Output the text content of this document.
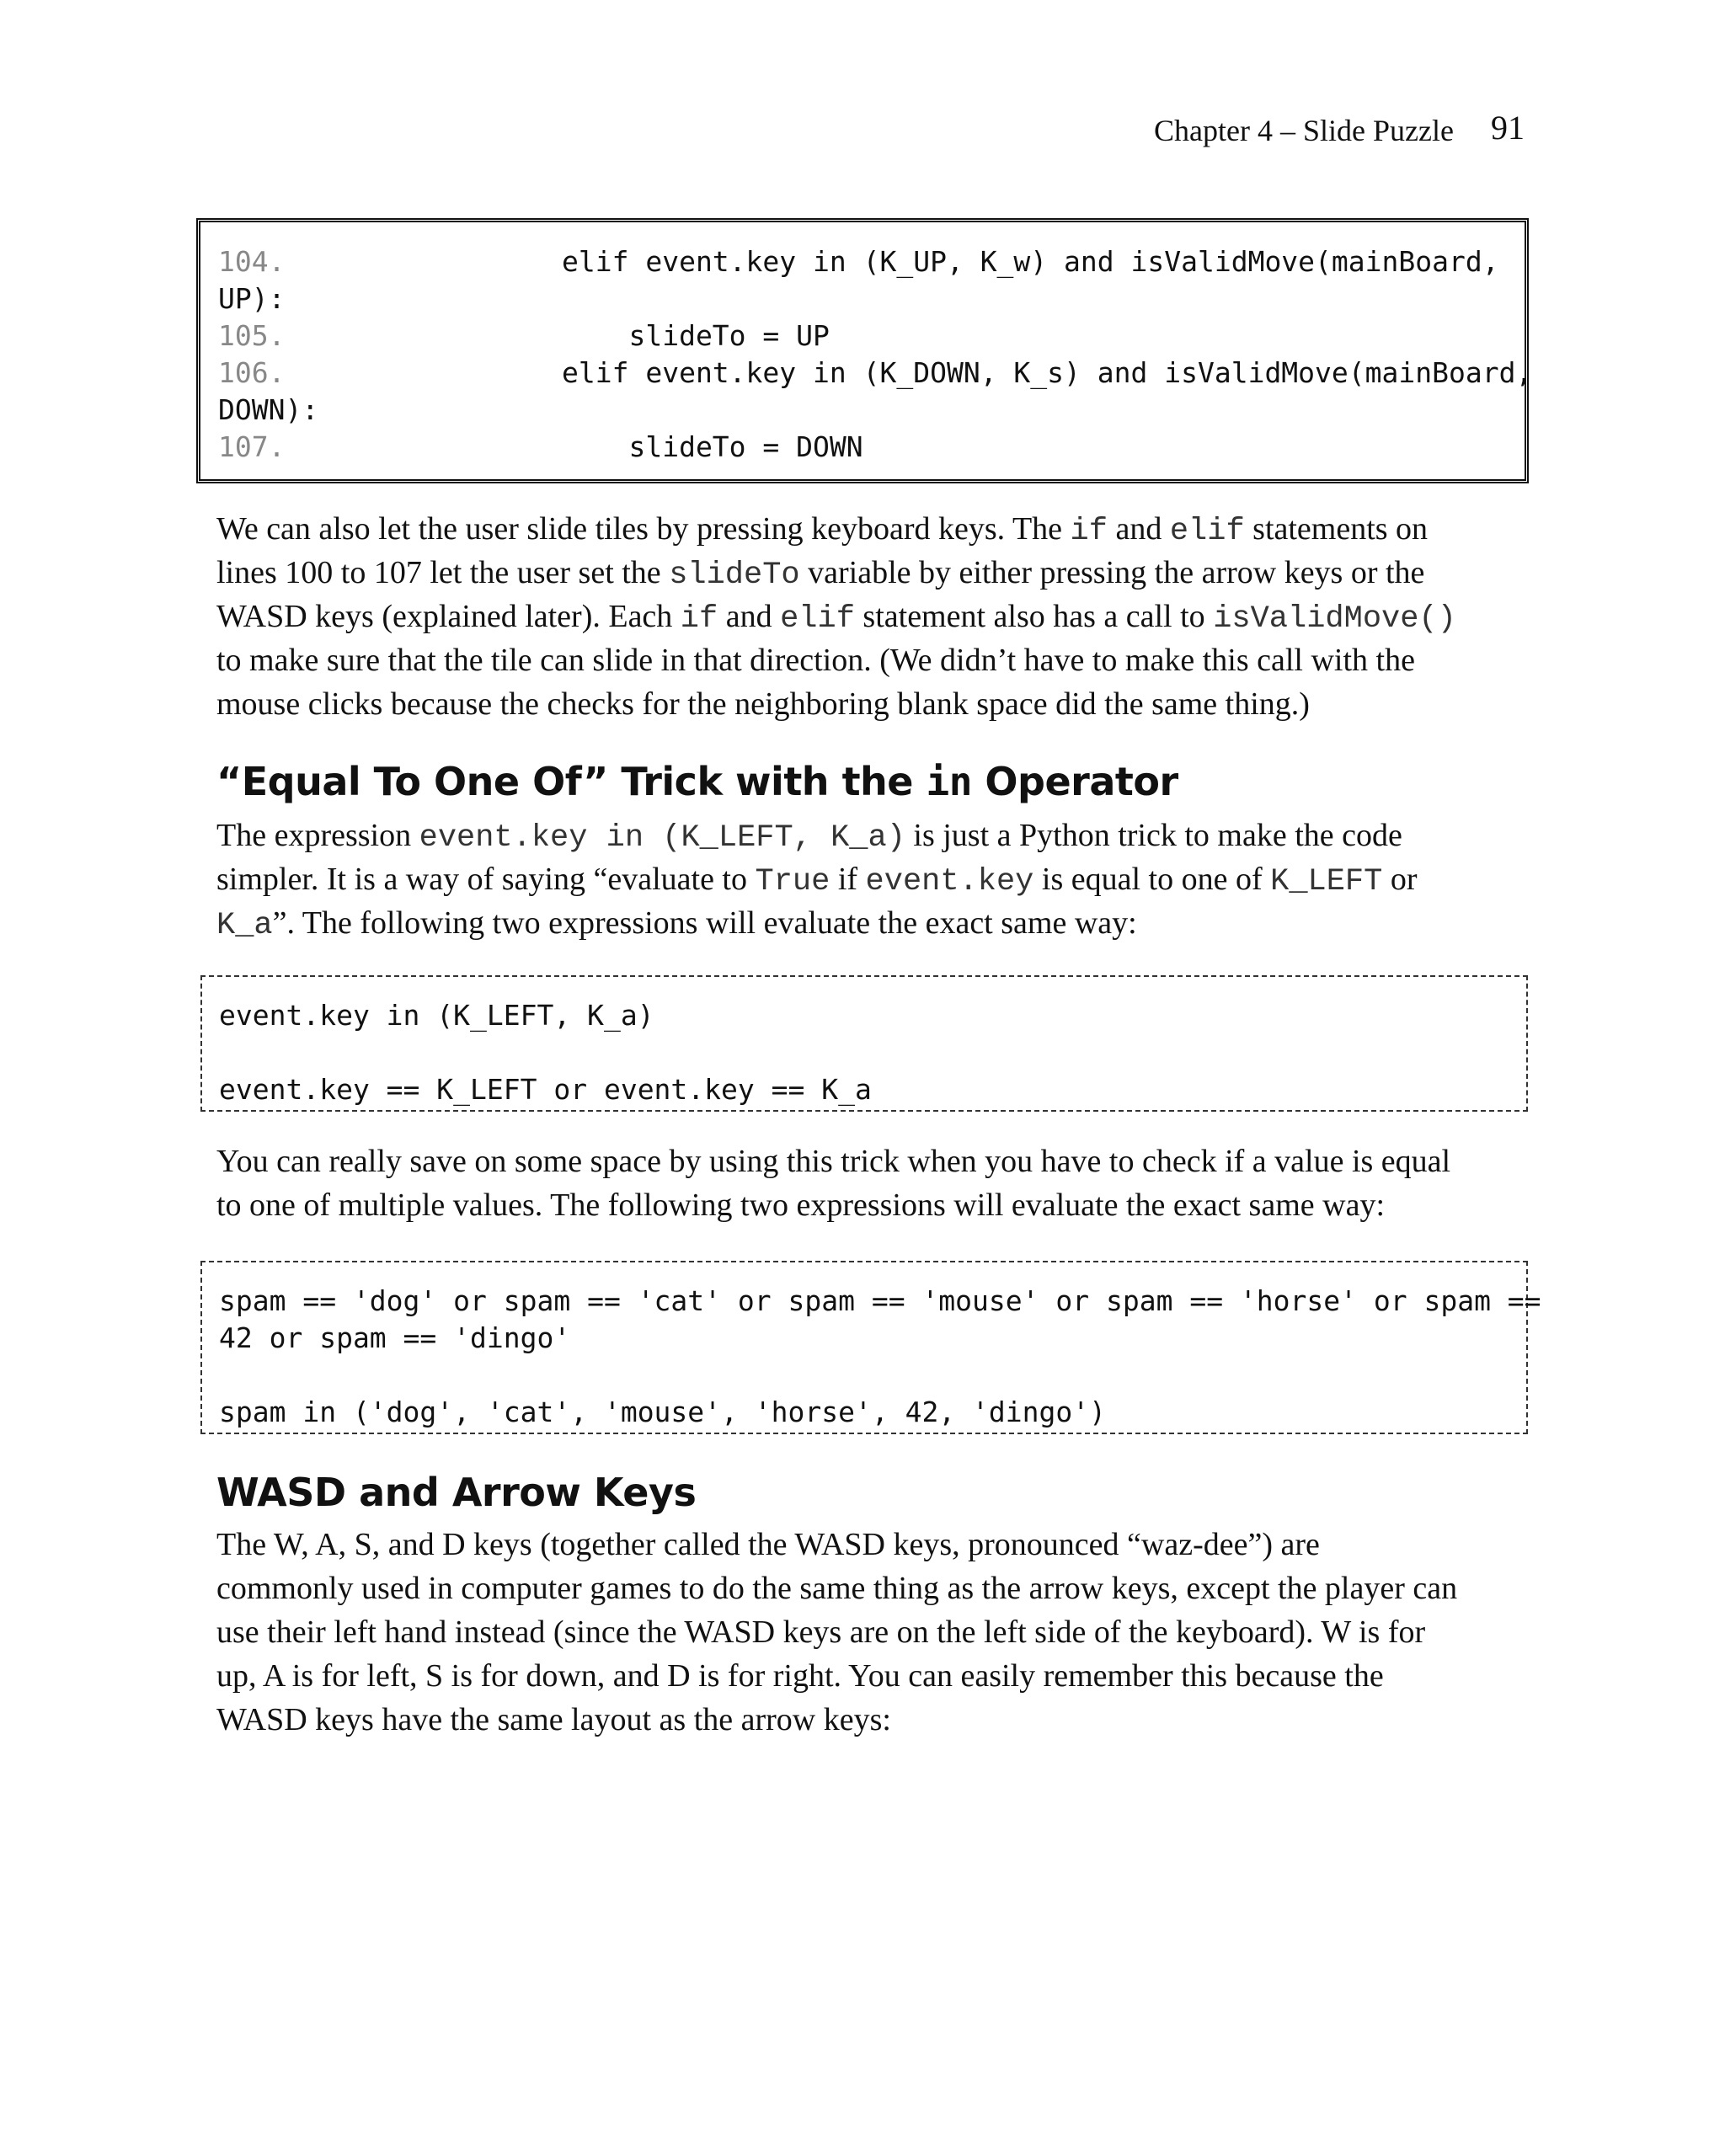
Chapter 4 – Slide Puzzle 91
104.	elif event.key in (K_UP, K_w) and isValidMove(mainBoard,
UP):
105.	slideTo = UP
106.	elif event.key in (K_DOWN, K_s) and isValidMove(mainBoard,
DOWN):
107.	slideTo = DOWN
We can also let the user slide tiles by pressing keyboard keys. The if and elif statements on
lines 100 to 107 let the user set the slideTo variable by either pressing the arrow keys or the
WASD keys (explained later). Each if and elif statement also has a call to isValidMove()
to make sure that the tile can slide in that direction. (We didn’t have to make this call with the
mouse clicks because the checks for the neighboring blank space did the same thing.)
“Equal To One Of” Trick with the in Operator
The expression event.key in (K_LEFT, K_a) is just a Python trick to make the code
simpler. It is a way of saying “evaluate to True if event.key is equal to one of K_LEFT or
K_a”. The following two expressions will evaluate the exact same way:
event.key in (K_LEFT, K_a)
event.key == K_LEFT or event.key == K_a
You can really save on some space by using this trick when you have to check if a value is equal
to one of multiple values. The following two expressions will evaluate the exact same way:
spam == 'dog' or spam == 'cat' or spam == 'mouse' or spam == 'horse' or spam ==
42 or spam == 'dingo'
spam in ('dog', 'cat', 'mouse', 'horse', 42, 'dingo')
WASD and Arrow Keys
The W, A, S, and D keys (together called the WASD keys, pronounced “waz-dee”) are
commonly used in computer games to do the same thing as the arrow keys, except the player can
use their left hand instead (since the WASD keys are on the left side of the keyboard). W is for
up, A is for left, S is for down, and D is for right. You can easily remember this because the
WASD keys have the same layout as the arrow keys:
